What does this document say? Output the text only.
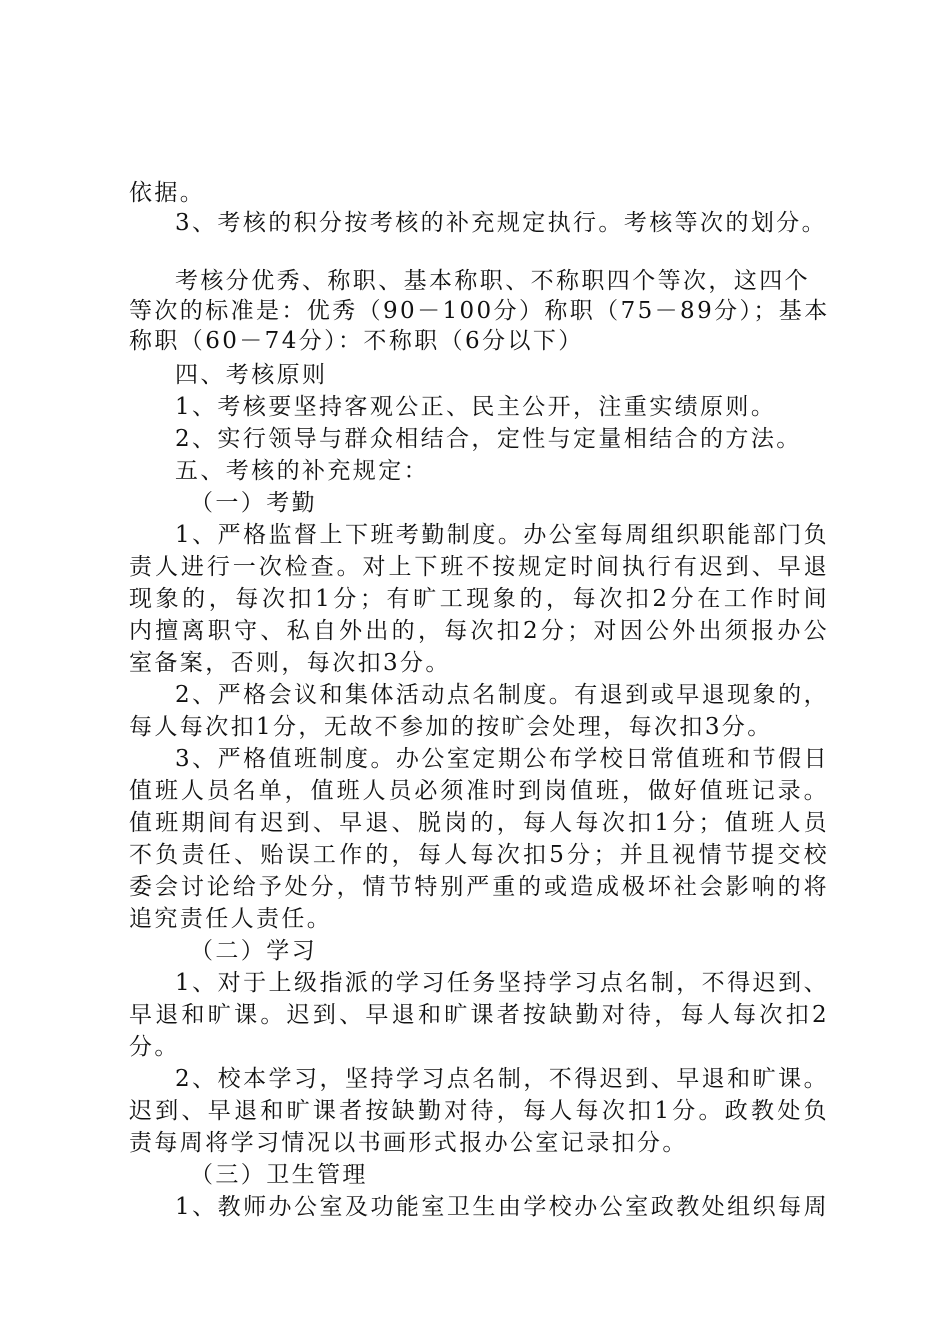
依据。
3、考核的积分按考核的补充规定执行。考核等次的划分。
考核分优秀、称职、基本称职、不称职四个等次，这四个
等次的标准是：优秀（90－100分）称职（75－89分）；基本
称职（60－74分）：不称职（6分以下）
四、考核原则
1、考核要坚持客观公正、民主公开，注重实绩原则。
2、实行领导与群众相结合，定性与定量相结合的方法。
五、考核的补充规定：
（一）考勤
1、严格监督上下班考勤制度。办公室每周组织职能部门负
责人进行一次检查。对上下班不按规定时间执行有迟到、早退
现象的，每次扣1分；有旷工现象的，每次扣2分在工作时间
内擅离职守、私自外出的，每次扣2分；对因公外出须报办公
室备案，否则，每次扣3分。
2、严格会议和集体活动点名制度。有退到或早退现象的，
每人每次扣1分，无故不参加的按旷会处理，每次扣3分。
3、严格值班制度。办公室定期公布学校日常值班和节假日
值班人员名单，值班人员必须准时到岗值班，做好值班记录。
值班期间有迟到、早退、脱岗的，每人每次扣1分；值班人员
不负责任、贻误工作的，每人每次扣5分；并且视情节提交校
委会讨论给予处分，情节特别严重的或造成极坏社会影响的将
追究责任人责任。
（二）学习
1、对于上级指派的学习任务坚持学习点名制，不得迟到、
早退和旷课。迟到、早退和旷课者按缺勤对待，每人每次扣2
分。
2、校本学习，坚持学习点名制，不得迟到、早退和旷课。
迟到、早退和旷课者按缺勤对待，每人每次扣1分。政教处负
责每周将学习情况以书画形式报办公室记录扣分。
（三）卫生管理
1、教师办公室及功能室卫生由学校办公室政教处组织每周
